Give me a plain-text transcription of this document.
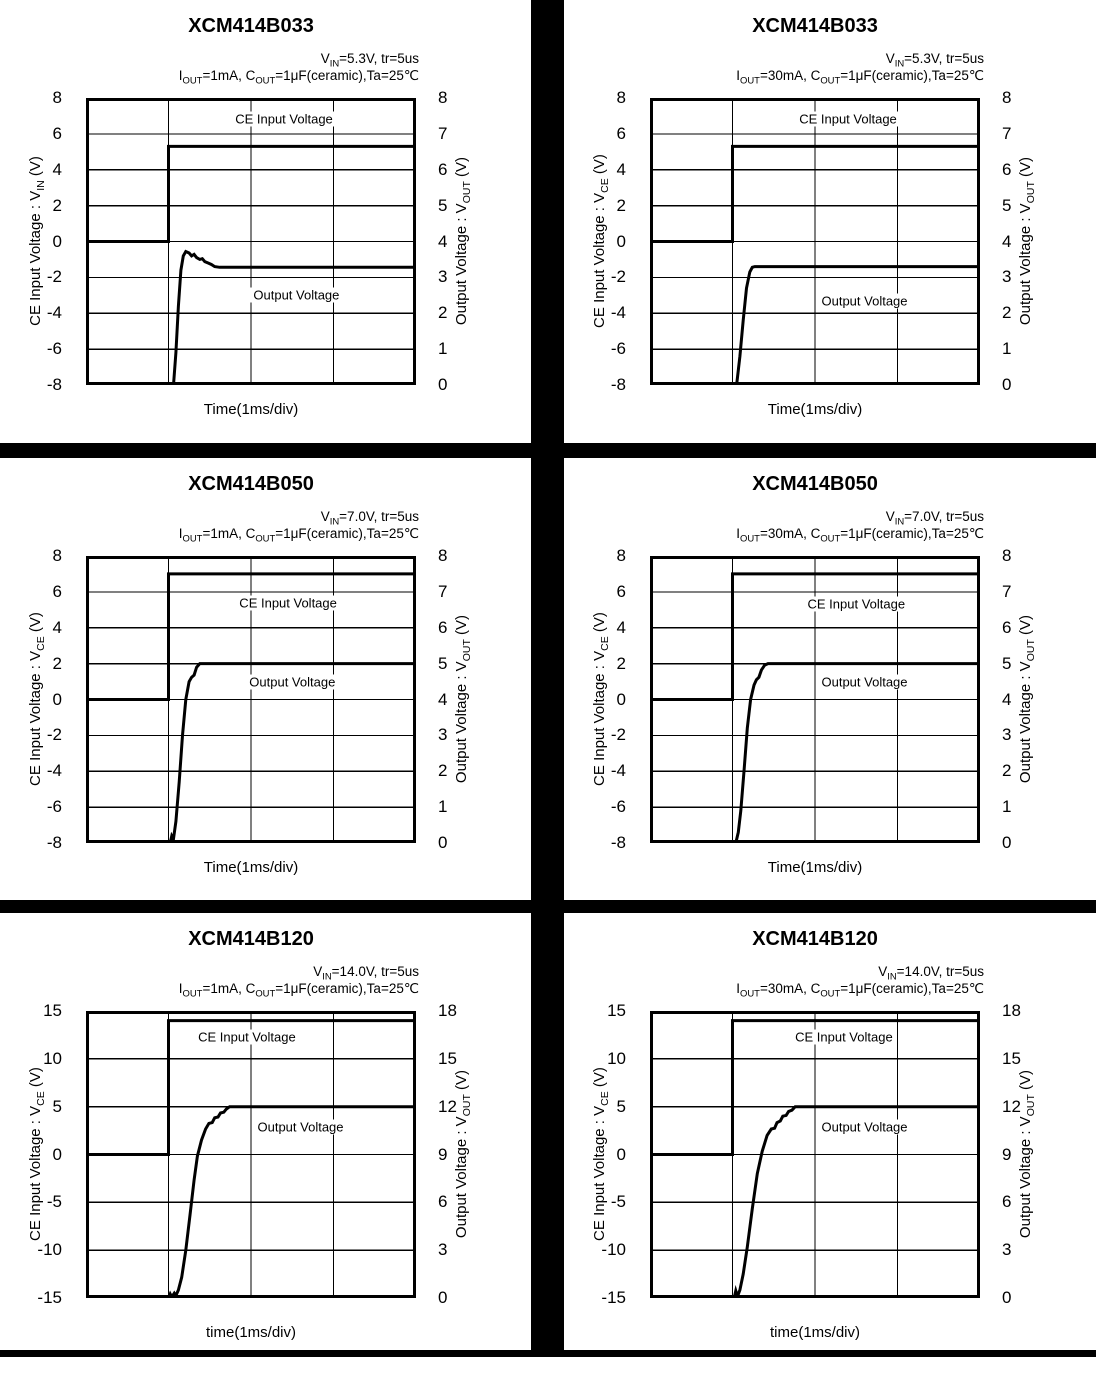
XCM414B033
$V_{IN}=5.3V$, tr=5us
$I_{OUT}=1mA$, $C_{OUT}=1\mu F(ceramic),Ta=25℃$
CE Input Voltage : $V_{IN}$ (V)
Output Voltage : $V_{OUT}$ (V)
8
6
4
2
0
-2
-4
-6
-8
8
7
6
5
4
3
2
1
0
CE Input Voltage
Output Voltage
Time(1ms/div)
XCM414B033
$V_{IN}=5.3V$, tr=5us
$I_{OUT}=30mA$, $C_{OUT}=1\mu F(ceramic),Ta=25℃$
CE Input Voltage : $V_{CE}$ (V)
Output Voltage : $V_{OUT}$ (V)
8
6
4
2
0
-2
-4
-6
-8
8
7
6
5
4
3
2
1
0
CE Input Voltage
Output Voltage
Time(1ms/div)
XCM414B050
$V_{IN}=7.0V$, tr=5us
$I_{OUT}=1mA$, $C_{OUT}=1\mu F(ceramic),Ta=25℃$
CE Input Voltage : $V_{CE}$ (V)
Output Voltage : $V_{OUT}$ (V)
8
6
4
2
0
-2
-4
-6
-8
8
7
6
5
4
3
2
1
0
CE Input Voltage
Output Voltage
Time(1ms/div)
XCM414B050
$V_{IN}=7.0V$, tr=5us
$I_{OUT}=30mA$, $C_{OUT}=1\mu F(ceramic),Ta=25℃$
CE Input Voltage : $V_{CE}$ (V)
Output Voltage : $V_{OUT}$ (V)
8
6
4
2
0
-2
-4
-6
-8
8
7
6
5
4
3
2
1
0
CE Input Voltage
Output Voltage
Time(1ms/div)
XCM414B120
$V_{IN}=14.0V$, tr=5us
$I_{OUT}=1mA$, $C_{OUT}=1\mu F(ceramic),Ta=25℃$
CE Input Voltage : $V_{CE}$ (V)
Output Voltage : $V_{OUT}$ (V)
15
10
5
0
-5
-10
-15
18
15
12
9
6
3
0
CE Input Voltage
Output Voltage
time(1ms/div)
XCM414B120
$V_{IN}=14.0V$, tr=5us
$I_{OUT}=30mA$, $C_{OUT}=1\mu F(ceramic),Ta=25℃$
CE Input Voltage : $V_{CE}$ (V)
Output Voltage : $V_{OUT}$ (V)
15
10
5
0
-5
-10
-15
18
15
12
9
6
3
0
CE Input Voltage
Output Voltage
time(1ms/div)
